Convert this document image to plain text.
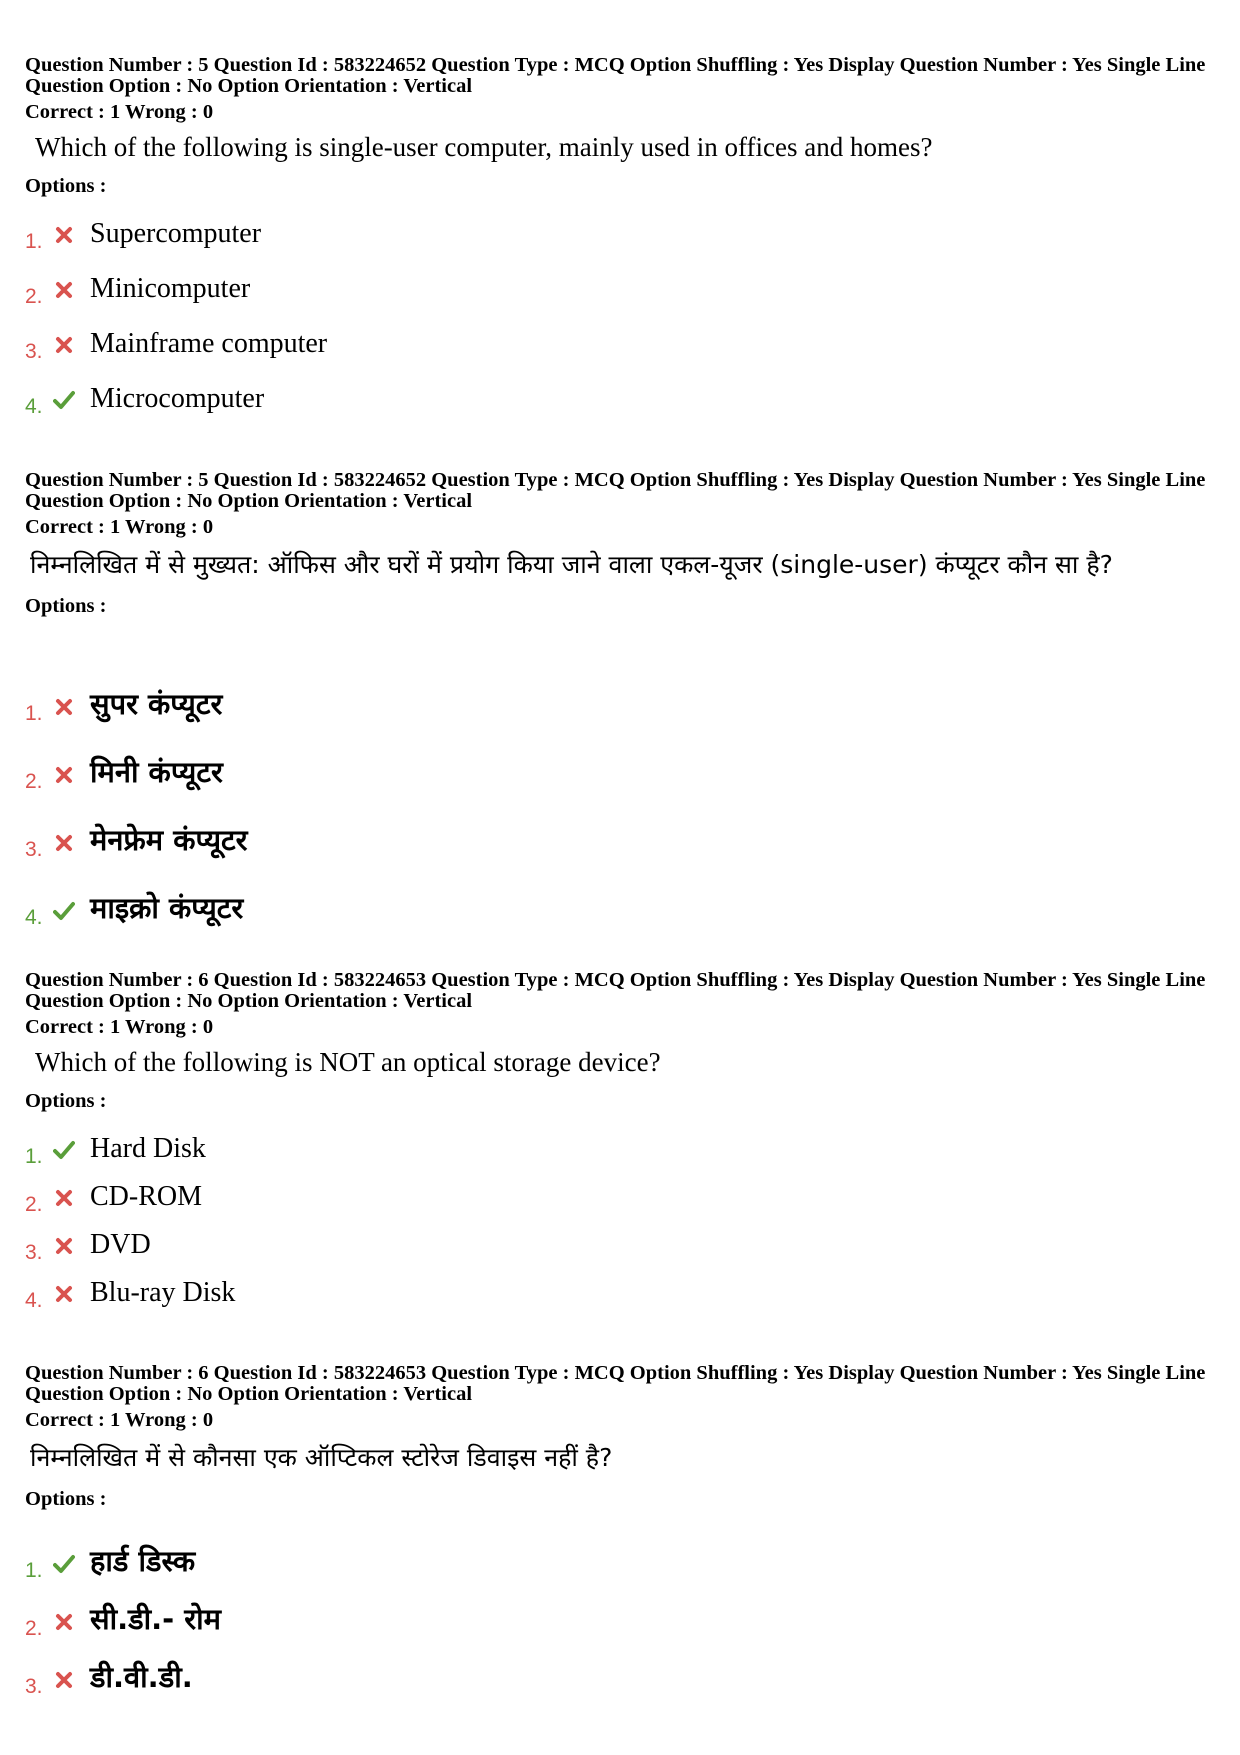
Question Number : 5 Question Id : 583224652 Question Type : MCQ Option Shuffling : Yes Display Question Number : Yes Single Line Question Option : No Option Orientation : Vertical

Correct : 1 Wrong : 0

Which of the following is single-user computer, mainly used in offices and homes?

Options :

1. Supercomputer
2. Minicomputer
3. Mainframe computer
4. Microcomputer

Question Number : 5 Question Id : 583224652 Question Type : MCQ Option Shuffling : Yes Display Question Number : Yes Single Line Question Option : No Option Orientation : Vertical

Correct : 1 Wrong : 0

निम्नलिखित में से मुख्यत: ऑफिस और घरों में प्रयोग किया जाने वाला एकल-यूजर (single-user) कंप्यूटर कौन सा है?

Options :

1. सुपर कंप्यूटर
2. मिनी कंप्यूटर
3. मेनफ्रेम कंप्यूटर
4. माइक्रो कंप्यूटर

Question Number : 6 Question Id : 583224653 Question Type : MCQ Option Shuffling : Yes Display Question Number : Yes Single Line Question Option : No Option Orientation : Vertical

Correct : 1 Wrong : 0

Which of the following is NOT an optical storage device?

Options :

1. Hard Disk
2. CD-ROM
3. DVD
4. Blu-ray Disk

Question Number : 6 Question Id : 583224653 Question Type : MCQ Option Shuffling : Yes Display Question Number : Yes Single Line Question Option : No Option Orientation : Vertical

Correct : 1 Wrong : 0

निम्नलिखित में से कौनसा एक ऑप्टिकल स्टोरेज डिवाइस नहीं है?

Options :

1. हार्ड डिस्क
2. सी.डी.- रोम
3. डी.वी.डी.
